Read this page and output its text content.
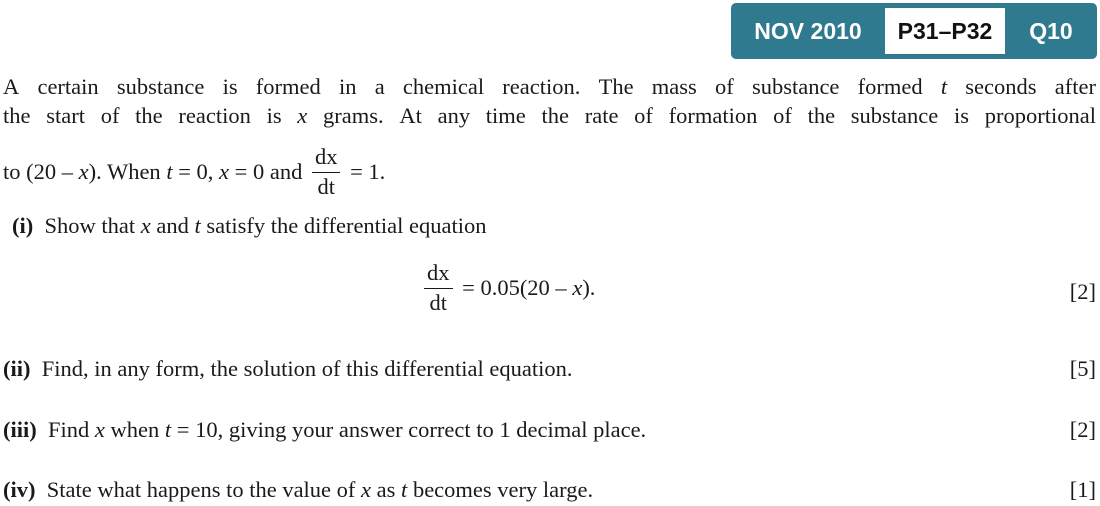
NOV 2010	P31–P32	Q10
A certain substance is formed in a chemical reaction. The mass of substance formed t seconds after
the start of the reaction is x grams. At any time the rate of formation of the substance is proportional
to (20 – x). When t = 0, x = 0 and $\frac{dx}{dt} = 1$.
(i) Show that x and t satisfy the differential equation
$\frac{dx}{dt} = 0.05(20 - x)$.	[2]
(ii) Find, in any form, the solution of this differential equation.	[5]
(iii) Find x when t = 10, giving your answer correct to 1 decimal place.	[2]
(iv) State what happens to the value of x as t becomes very large.	[1]
